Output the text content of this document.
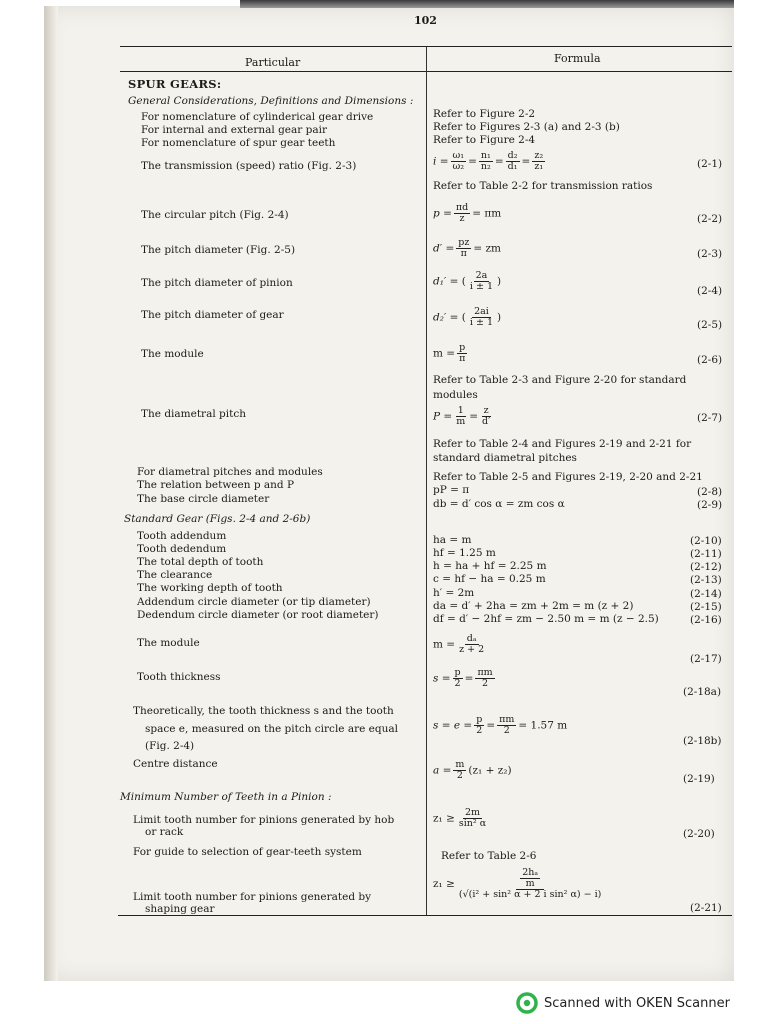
102
Particular	Formula
SPUR GEARS:
General Considerations, Definitions and Dimensions :
Standard Gear (Figs. 2-4 and 2-6b)
Minimum Number of Teeth in a Pinion :
For nomenclature of cylinderical gear drive
For internal and external gear pair
For nomenclature of spur gear teeth
The transmission (speed) ratio (Fig. 2-3)
The circular pitch (Fig. 2-4)
The pitch diameter (Fig. 2-5)
The pitch diameter of pinion
The pitch diameter of gear
The module
The diametral pitch
For diametral pitches and modules
The relation between p and P
The base circle diameter
Tooth addendum
Tooth dedendum
The total depth of tooth
The clearance
The working depth of tooth
Addendum circle diameter (or tip diameter)
Dedendum circle diameter (or root diameter)
The module
Tooth thickness
Theoretically, the tooth thickness s and the tooth
space e, measured on the pitch circle are equal
(Fig. 2-4)
Centre distance
Limit tooth number for pinions generated by hob
or rack
For guide to selection of gear-teeth system
Limit tooth number for pinions generated by
shaping gear
Refer to Figure 2-2
Refer to Figures 2-3 (a) and 2-3 (b)
Refer to Figure 2-4
$i = \frac{\text{ω₁}}{\text{ω₂}} = \frac{\text{n₁}}{\text{n₂}} = \frac{\text{d₂}}{\text{d₁}} = \frac{\text{z₂}}{\text{z₁}}$
Refer to Table 2-2 for transmission ratios
$p = \frac{\pi d}{z} = \pi m$
$d' = \frac{pz}{\pi}$ = zm
d₁′ = ( $\frac{2a}{i \pm 1}$ )
d₂′ = ( $\frac{2ai}{i \pm 1}$ )
$m = \frac{p}{\pi}$
Refer to Table 2-3 and Figure 2-20 for standard
modules
$P = \frac{1}{m} = \frac{z}{d'}$
Refer to Table 2-4 and Figures 2-19 and 2-21 for
standard diametral pitches
Refer to Table 2-5 and Figures 2-19, 2-20 and 2-21
pP = π
db = d′ cos α = zm cos α
ha = m
hf = 1.25 m
h = ha + hf = 2.25 m
c = hf − ha = 0.25 m
h′ = 2m
da = d′ + 2ha = zm + 2m = m (z + 2)
df = d′ − 2hf = zm − 2.50 m = m (z − 2.5)
$m = \frac{\text{dₐ}}{z + 2}$
$s = \frac{p}{2} = \frac{\pi m}{2}$
$s = e = \frac{p}{2} = \frac{\pi m}{2} = 1.57$ m
$a = \frac{m}{2} (z_1 + z_2)$
$z_1 \ge \frac{2m}{\text{sin² α}}$
Refer to Table 2-6
$z_1 \ge \frac{\frac{\text{2hₐ}}{m}}{\text{(√(i² + sin² α + 2 i sin² α) − i)}}$
(2-1)
(2-2)
(2-3)
(2-4)
(2-5)
(2-6)
(2-7)
(2-8)
(2-9)
(2-10)
(2-11)
(2-12)
(2-13)
(2-14)
(2-15)
(2-16)
(2-17)
(2-18a)
(2-18b)
(2-19)
(2-20)
(2-21)
Scanned with OKEN Scanner
